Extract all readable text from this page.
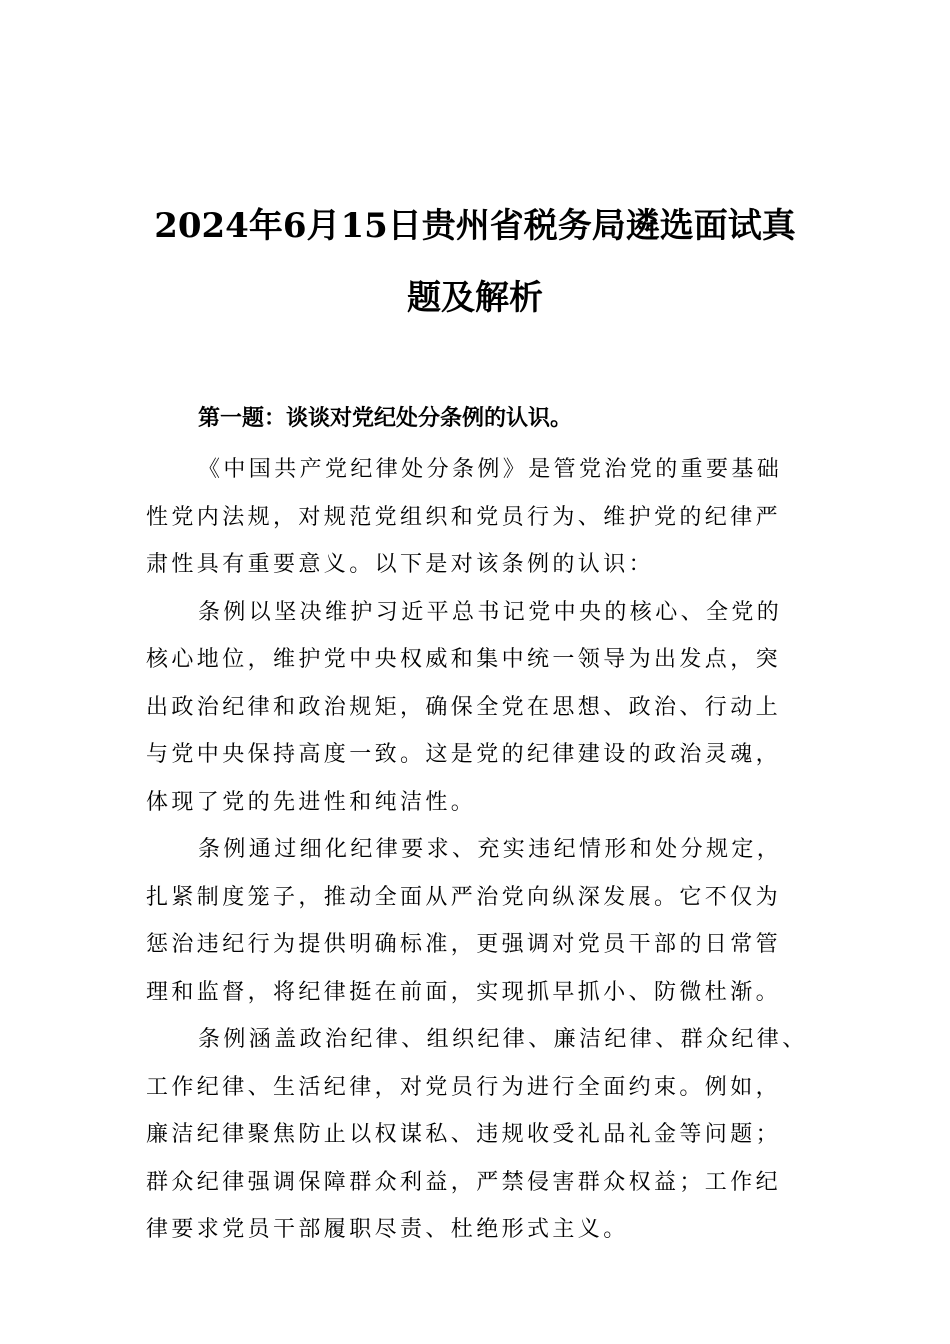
2024年6月15日贵州省税务局遴选面试真
题及解析

第一题：谈谈对党纪处分条例的认识。

《中国共产党纪律处分条例》是管党治党的重要基础
性党内法规，对规范党组织和党员行为、维护党的纪律严
肃性具有重要意义。以下是对该条例的认识：

条例以坚决维护习近平总书记党中央的核心、全党的
核心地位，维护党中央权威和集中统一领导为出发点，突
出政治纪律和政治规矩，确保全党在思想、政治、行动上
与党中央保持高度一致。这是党的纪律建设的政治灵魂，
体现了党的先进性和纯洁性。

条例通过细化纪律要求、充实违纪情形和处分规定，
扎紧制度笼子，推动全面从严治党向纵深发展。它不仅为
惩治违纪行为提供明确标准，更强调对党员干部的日常管
理和监督，将纪律挺在前面，实现抓早抓小、防微杜渐。

条例涵盖政治纪律、组织纪律、廉洁纪律、群众纪律、
工作纪律、生活纪律，对党员行为进行全面约束。例如，
廉洁纪律聚焦防止以权谋私、违规收受礼品礼金等问题；
群众纪律强调保障群众利益，严禁侵害群众权益；工作纪
律要求党员干部履职尽责、杜绝形式主义。
